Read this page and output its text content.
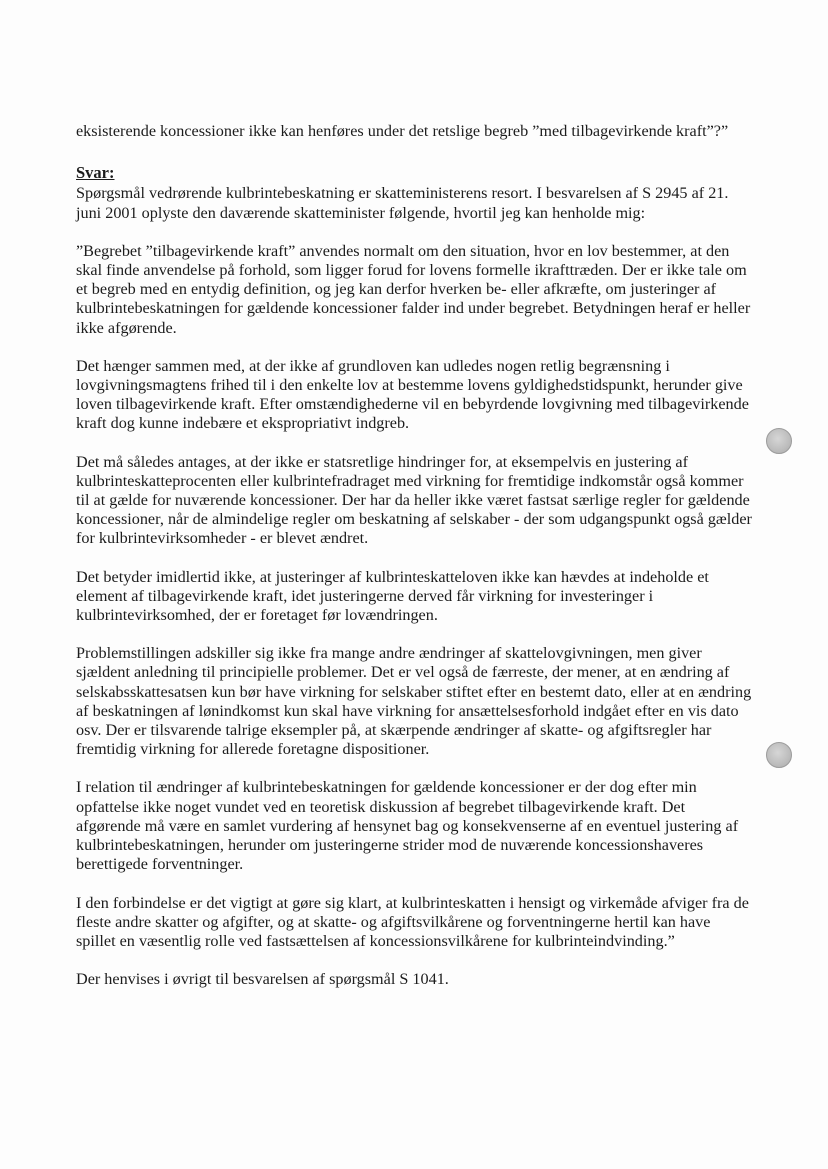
eksisterende koncessioner ikke kan henføres under det retslige begreb ”med tilbagevirkende kraft”?”

Svar:

Spørgsmål vedrørende kulbrintebeskatning er skatteministerens resort. I besvarelsen af S 2945 af 21. juni 2001 oplyste den daværende skatteminister følgende, hvortil jeg kan henholde mig:

”Begrebet ”tilbagevirkende kraft” anvendes normalt om den situation, hvor en lov bestemmer, at den skal finde anvendelse på forhold, som ligger forud for lovens formelle ikrafttræden. Der er ikke tale om et begreb med en entydig definition, og jeg kan derfor hverken be- eller afkræfte, om justeringer af kulbrintebeskatningen for gældende koncessioner falder ind under begrebet. Betydningen heraf er heller ikke afgørende.

Det hænger sammen med, at der ikke af grundloven kan udledes nogen retlig begrænsning i lovgivningsmagtens frihed til i den enkelte lov at bestemme lovens gyldighedstidspunkt, herunder give loven tilbagevirkende kraft. Efter omstændighederne vil en bebyrdende lovgivning med tilbagevirkende kraft dog kunne indebære et ekspropriativt indgreb.

Det må således antages, at der ikke er statsretlige hindringer for, at eksempelvis en justering af kulbrinteskatteprocenten eller kulbrintefradraget med virkning for fremtidige indkomstår også kommer til at gælde for nuværende koncessioner. Der har da heller ikke været fastsat særlige regler for gældende koncessioner, når de almindelige regler om beskatning af selskaber - der som udgangspunkt også gælder for kulbrintevirksomheder - er blevet ændret.

Det betyder imidlertid ikke, at justeringer af kulbrinteskatteloven ikke kan hævdes at indeholde et element af tilbagevirkende kraft, idet justeringerne derved får virkning for investeringer i kulbrintevirksomhed, der er foretaget før lovændringen.

Problemstillingen adskiller sig ikke fra mange andre ændringer af skattelovgivningen, men giver sjældent anledning til principielle problemer. Det er vel også de færreste, der mener, at en ændring af selskabsskattesatsen kun bør have virkning for selskaber stiftet efter en bestemt dato, eller at en ændring af beskatningen af lønindkomst kun skal have virkning for ansættelsesforhold indgået efter en vis dato osv. Der er tilsvarende talrige eksempler på, at skærpende ændringer af skatte- og afgiftsregler har fremtidig virkning for allerede foretagne dispositioner.

I relation til ændringer af kulbrintebeskatningen for gældende koncessioner er der dog efter min opfattelse ikke noget vundet ved en teoretisk diskussion af begrebet tilbagevirkende kraft. Det afgørende må være en samlet vurdering af hensynet bag og konsekvenserne af en eventuel justering af kulbrintebeskatningen, herunder om justeringerne strider mod de nuværende koncessionshaveres berettigede forventninger.

I den forbindelse er det vigtigt at gøre sig klart, at kulbrinteskatten i hensigt og virkemåde afviger fra de fleste andre skatter og afgifter, og at skatte- og afgiftsvilkårene og forventningerne hertil kan have spillet en væsentlig rolle ved fastsættelsen af koncessionsvilkårene for kulbrinteindvinding.”

Der henvises i øvrigt til besvarelsen af spørgsmål S 1041.
